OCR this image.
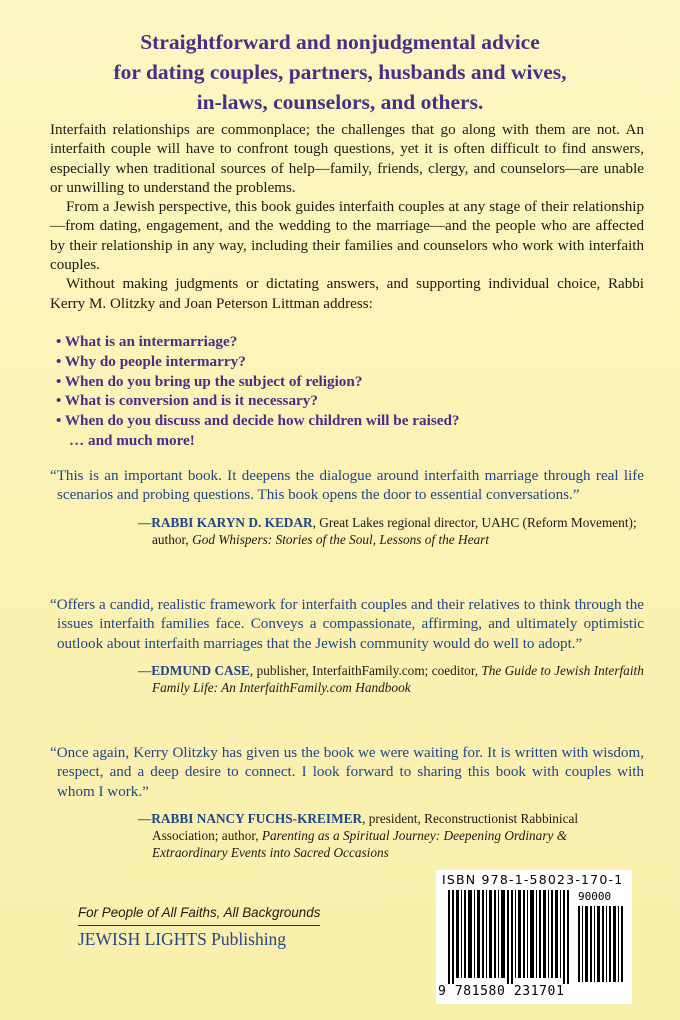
Straightforward and nonjudgmental advice
for dating couples, partners, husbands and wives,
in-laws, counselors, and others.

Interfaith relationships are commonplace; the challenges that go along with them are not. An interfaith couple will have to confront tough questions, yet it is often difficult to find answers, especially when traditional sources of help—family, friends, clergy, and counselors—are unable or unwilling to understand the problems.

From a Jewish perspective, this book guides interfaith couples at any stage of their relationship—from dating, engagement, and the wedding to the marriage—and the people who are affected by their relationship in any way, including their families and counselors who work with interfaith couples.

Without making judgments or dictating answers, and supporting individual choice, Rabbi Kerry M. Olitzky and Joan Peterson Littman address:

• What is an intermarriage?
• Why do people intermarry?
• When do you bring up the subject of religion?
• What is conversion and is it necessary?
• When do you discuss and decide how children will be raised?
… and much more!

“This is an important book. It deepens the dialogue around interfaith marriage through real life scenarios and probing questions. This book opens the door to essential conversations.”

—RABBI KARYN D. KEDAR, Great Lakes regional director, UAHC (Reform Movement); author, God Whispers: Stories of the Soul, Lessons of the Heart

“Offers a candid, realistic framework for interfaith couples and their relatives to think through the issues interfaith families face. Conveys a compassionate, affirming, and ultimately optimistic outlook about interfaith marriages that the Jewish community would do well to adopt.”

—EDMUND CASE, publisher, InterfaithFamily.com; coeditor, The Guide to Jewish Interfaith Family Life: An InterfaithFamily.com Handbook

“Once again, Kerry Olitzky has given us the book we were waiting for. It is written with wisdom, respect, and a deep desire to connect. I look forward to sharing this book with couples with whom I work.”

—RABBI NANCY FUCHS-KREIMER, president, Reconstructionist Rabbinical Association; author, Parenting as a Spiritual Journey: Deepening Ordinary & Extraordinary Events into Sacred Occasions
For People of All Faiths, All Backgrounds
JEWISH LIGHTS Publishing
ISBN 978-1-58023-170-1
90000
9 781580 231701
